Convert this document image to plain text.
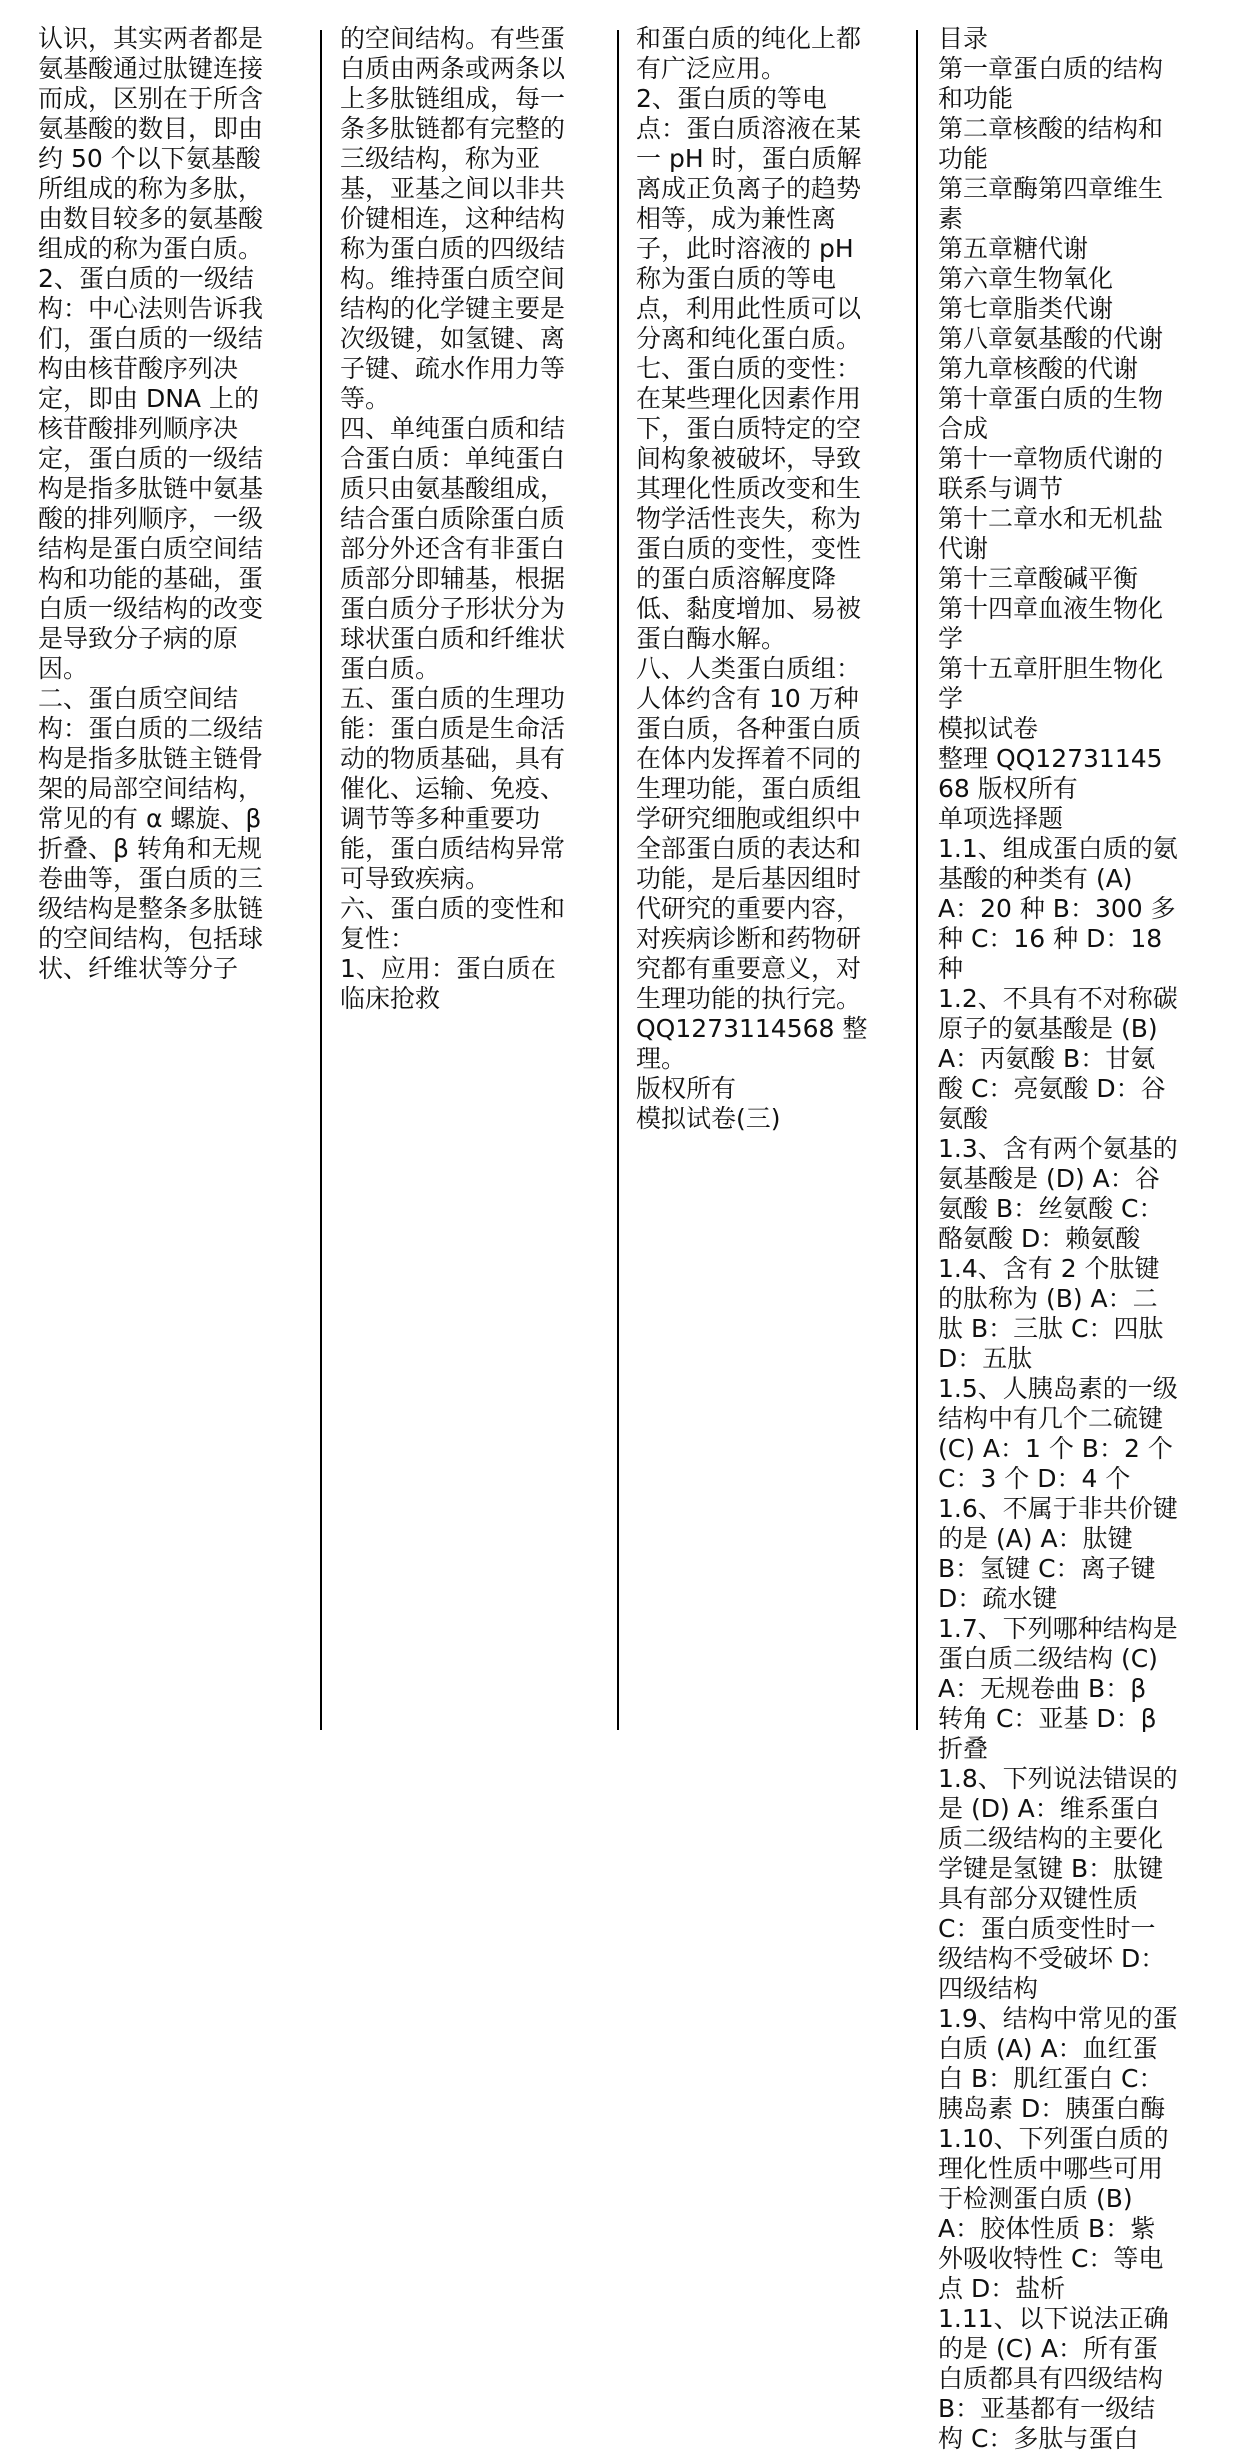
认识，其实两者都是氨基酸通过肽键连接而成，区别在于所含氨基酸的数目，即由约 50 个以下氨基酸所组成的称为多肽，由数目较多的氨基酸组成的称为蛋白质。

2、蛋白质的一级结构：中心法则告诉我们，蛋白质的一级结构由核苷酸序列决定，即由 DNA 上的核苷酸排列顺序决定，蛋白质的一级结构是指多肽链中氨基酸的排列顺序，一级结构是蛋白质空间结构和功能的基础，蛋白质一级结构的改变是导致分子病的原因。

二、蛋白质空间结构：蛋白质的二级结构是指多肽链主链骨架的局部空间结构，常见的有 α 螺旋、β 折叠、β 转角和无规卷曲等，蛋白质的三级结构是整条多肽链的空间结构，包括球状、纤维状等分子

的空间结构。有些蛋白质由两条或两条以上多肽链组成，每一条多肽链都有完整的三级结构，称为亚基，亚基之间以非共价键相连，这种结构称为蛋白质的四级结构。维持蛋白质空间结构的化学键主要是次级键，如氢键、离子键、疏水作用力等等。

四、单纯蛋白质和结合蛋白质：单纯蛋白质只由氨基酸组成，结合蛋白质除蛋白质部分外还含有非蛋白质部分即辅基，根据蛋白质分子形状分为球状蛋白质和纤维状蛋白质。

五、蛋白质的生理功能：蛋白质是生命活动的物质基础，具有催化、运输、免疫、调节等多种重要功能，蛋白质结构异常可导致疾病。

六、蛋白质的变性和复性：

1、应用：蛋白质在临床抢救

和蛋白质的纯化上都有广泛应用。

2、蛋白质的等电点：蛋白质溶液在某一 pH 时，蛋白质解离成正负离子的趋势相等，成为兼性离子，此时溶液的 pH 称为蛋白质的等电点，利用此性质可以分离和纯化蛋白质。

七、蛋白质的变性：在某些理化因素作用下，蛋白质特定的空间构象被破坏，导致其理化性质改变和生物学活性丧失，称为蛋白质的变性，变性的蛋白质溶解度降低、黏度增加、易被蛋白酶水解。

八、人类蛋白质组：人体约含有 10 万种蛋白质，各种蛋白质在体内发挥着不同的生理功能，蛋白质组学研究细胞或组织中全部蛋白质的表达和功能，是后基因组时代研究的重要内容，对疾病诊断和药物研究都有重要意义，对生理功能的执行完。QQ1273114568 整理。

版权所有

模拟试卷(三)

目录

第一章蛋白质的结构和功能

第二章核酸的结构和功能

第三章酶第四章维生素

第五章糖代谢

第六章生物氧化

第七章脂类代谢

第八章氨基酸的代谢

第九章核酸的代谢

第十章蛋白质的生物合成

第十一章物质代谢的联系与调节

第十二章水和无机盐代谢

第十三章酸碱平衡

第十四章血液生物化学

第十五章肝胆生物化学

模拟试卷

整理 QQ1273114568 版权所有

单项选择题

1.1、组成蛋白质的氨基酸的种类有 (A) A：20 种 B：300 多种 C：16 种 D：18 种

1.2、不具有不对称碳原子的氨基酸是 (B) A：丙氨酸 B：甘氨酸 C：亮氨酸 D：谷氨酸

1.3、含有两个氨基的氨基酸是 (D) A：谷氨酸 B：丝氨酸 C：酪氨酸 D：赖氨酸

1.4、含有 2 个肽键的肽称为 (B) A：二肽 B：三肽 C：四肽 D：五肽

1.5、人胰岛素的一级结构中有几个二硫键 (C) A：1 个 B：2 个 C：3 个 D：4 个

1.6、不属于非共价键的是 (A) A：肽键 B：氢键 C：离子键 D：疏水键

1.7、下列哪种结构是蛋白质二级结构 (C) A：无规卷曲 B：β 转角 C：亚基 D：β 折叠

1.8、下列说法错误的是 (D) A：维系蛋白质二级结构的主要化学键是氢键 B：肽键具有部分双键性质 C：蛋白质变性时一级结构不受破坏 D：四级结构

1.9、结构中常见的蛋白质 (A) A：血红蛋白 B：肌红蛋白 C：胰岛素 D：胰蛋白酶

1.10、下列蛋白质的理化性质中哪些可用于检测蛋白质 (B) A：胶体性质 B：紫外吸收特性 C：等电点 D：盐析

1.11、以下说法正确的是 (C) A：所有蛋白质都具有四级结构 B：亚基都有一级结构 C：多肽与蛋白
